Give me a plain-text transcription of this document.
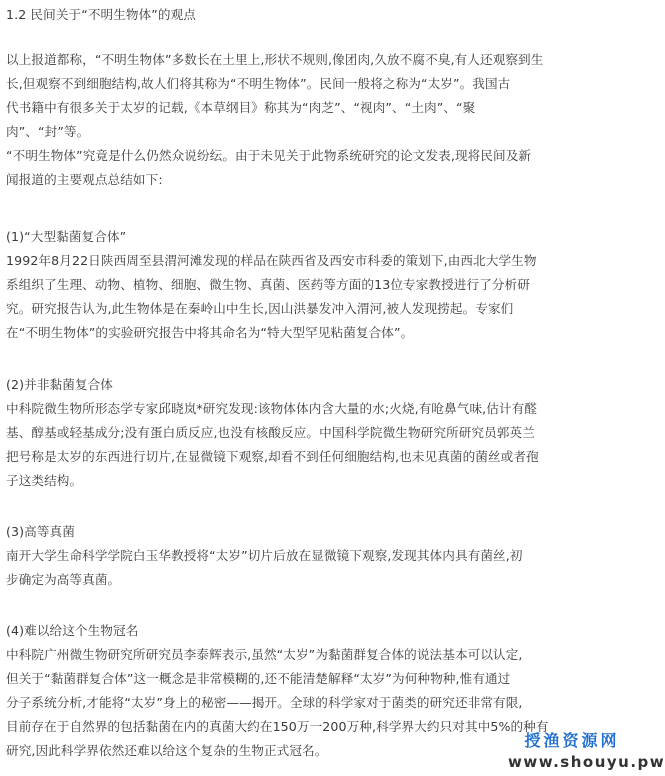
1.2 民间关于“不明生物体”的观点
以上报道都称，“不明生物体”多数长在土里上,形状不规则,像团肉,久放不腐不臭,有人还观察到生
长,但观察不到细胞结构,故人们将其称为“不明生物体”。民间一般将之称为“太岁”。我国古
代书籍中有很多关于太岁的记载,《本草纲目》称其为“肉芝”、“视肉”、“土肉”、“聚
肉”、“封”等。
“不明生物体”究竟是什么仍然众说纷纭。由于未见关于此物系统研究的论文发表,现将民间及新
闻报道的主要观点总结如下:
(1)“大型黏菌复合体”
1992年8月22日陕西周至县渭河滩发现的样品在陕西省及西安市科委的策划下,由西北大学生物
系组织了生理、动物、植物、细胞、微生物、真菌、医药等方面的13位专家教授进行了分析研
究。研究报告认为,此生物体是在秦岭山中生长,因山洪暴发冲入渭河,被人发现捞起。专家们
在“不明生物体”的实验研究报告中将其命名为“特大型罕见粘菌复合体”。
(2)并非黏菌复合体
中科院微生物所形态学专家邱晓岚*研究发现:该物体体内含大量的水;火烧,有呛鼻气味,估计有醛
基、醇基或轻基成分;没有蛋白质反应,也没有核酸反应。中国科学院微生物研究所研究员郭英兰
把号称是太岁的东西进行切片,在显微镜下观察,却看不到任何细胞结构,也未见真菌的菌丝或者孢
子这类结构。
(3)高等真菌
南开大学生命科学学院白玉华教授将“太岁”切片后放在显微镜下观察,发现其体内具有菌丝,初
步确定为高等真菌。
(4)难以给这个生物冠名
中科院广州微生物研究所研究员李泰辉表示,虽然“太岁”为黏菌群复合体的说法基本可以认定,
但关于“黏菌群复合体”这一概念是非常模糊的,还不能清楚解释“太岁”为何种物种,惟有通过
分子系统分析,才能将“太岁”身上的秘密——揭开。全球的科学家对于菌类的研究还非常有限,
目前存在于自然界的包括黏菌在内的真菌大约在150万一200万种,科学界大约只对其中5%的种有
研究,因此科学界依然还难以给这个复杂的生物正式冠名。
授渔资源网
www.shouyu.pw
